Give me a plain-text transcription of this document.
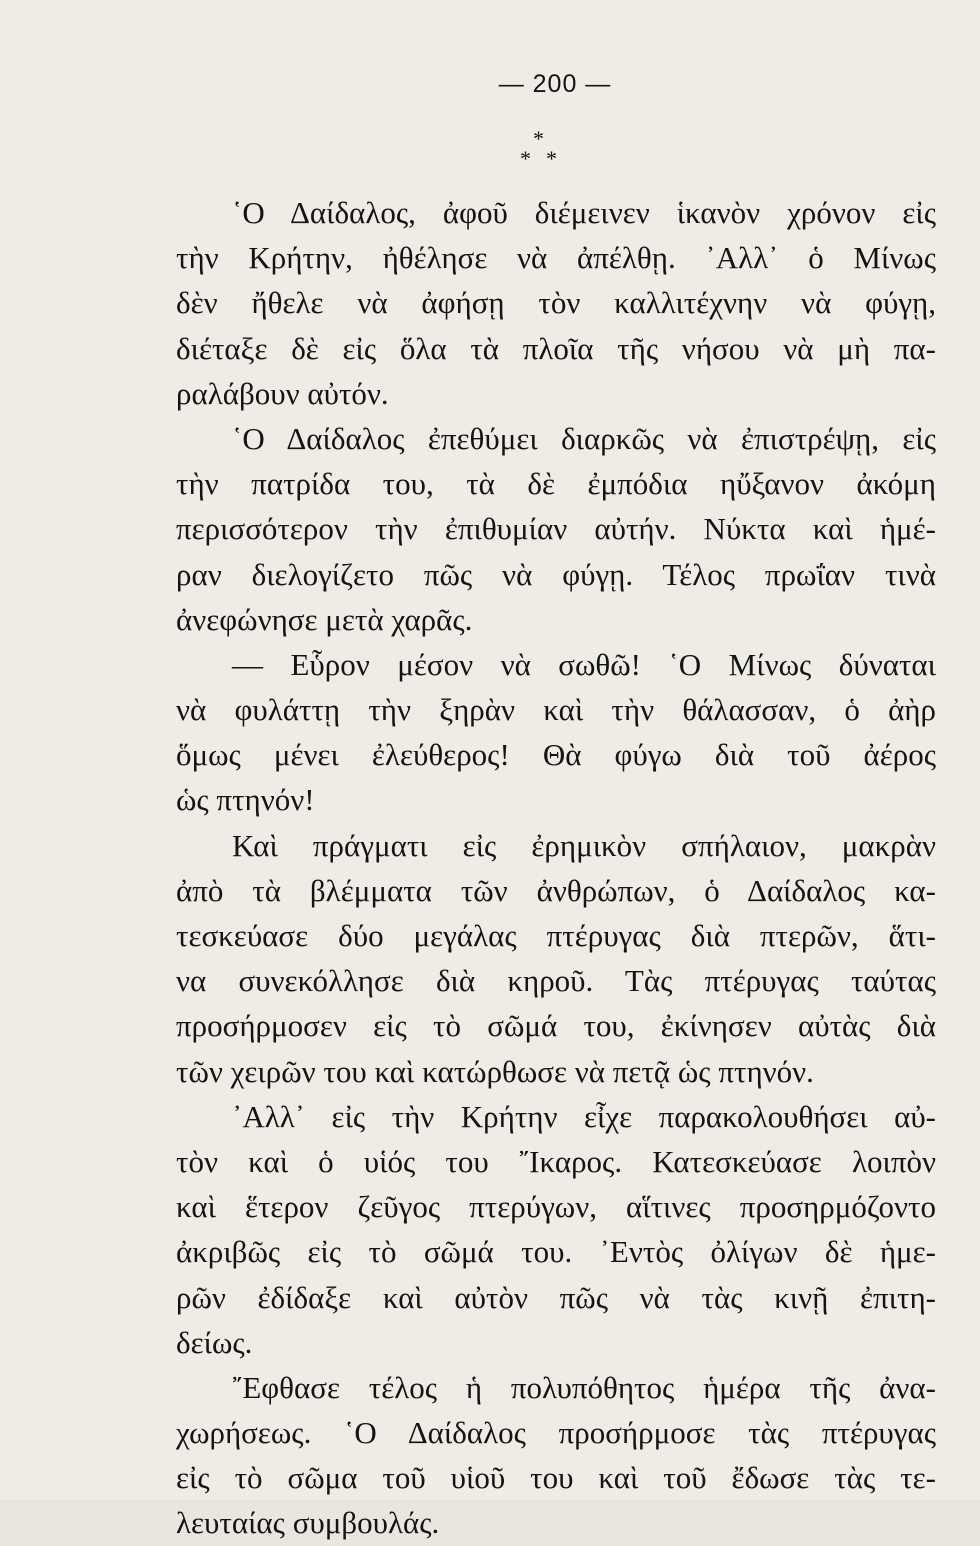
— 200 —
*
* *
῾Ο Δαίδαλος, ἀφοῦ διέμεινεν ἱκανὸν χρόνον εἰς
τὴν Κρήτην, ἠθέλησε νὰ ἀπέλθῃ. ᾿Αλλ᾿ ὁ Μίνως
δὲν ἤθελε νὰ ἀφήσῃ τὸν καλλιτέχνην νὰ φύγῃ,
διέταξε δὲ εἰς ὅλα τὰ πλοῖα τῆς νήσου νὰ μὴ πα-
ραλάβουν αὐτόν.
῾Ο Δαίδαλος ἐπεθύμει διαρκῶς νὰ ἐπιστρέψῃ, εἰς
τὴν πατρίδα του, τὰ δὲ ἐμπόδια ηὔξανον ἀκόμη
περισσότερον τὴν ἐπιθυμίαν αὐτήν. Νύκτα καὶ ἡμέ-
ραν διελογίζετο πῶς νὰ φύγῃ. Τέλος πρωΐαν τινὰ
ἀνεφώνησε μετὰ χαρᾶς.
— Εὗρον μέσον νὰ σωθῶ! ῾Ο Μίνως δύναται
νὰ φυλάττῃ τὴν ξηρὰν καὶ τὴν θάλασσαν, ὁ ἀὴρ
ὅμως μένει ἐλεύθερος! Θὰ φύγω διὰ τοῦ ἀέρος
ὡς πτηνόν!
Καὶ πράγματι εἰς ἐρημικὸν σπήλαιον, μακρὰν
ἀπὸ τὰ βλέμματα τῶν ἀνθρώπων, ὁ Δαίδαλος κα-
τεσκεύασε δύο μεγάλας πτέρυγας διὰ πτερῶν, ἅτι-
να συνεκόλλησε διὰ κηροῦ. Τὰς πτέρυγας ταύτας
προσήρμοσεν εἰς τὸ σῶμά του, ἐκίνησεν αὐτὰς διὰ
τῶν χειρῶν του καὶ κατώρθωσε νὰ πετᾷ ὡς πτηνόν.
᾿Αλλ᾿ εἰς τὴν Κρήτην εἶχε παρακολουθήσει αὐ-
τὸν καὶ ὁ υἱός του ῎Ικαρος. Κατεσκεύασε λοιπὸν
καὶ ἕτερον ζεῦγος πτερύγων, αἵτινες προσηρμόζοντο
ἀκριβῶς εἰς τὸ σῶμά του. ᾿Εντὸς ὀλίγων δὲ ἡμε-
ρῶν ἐδίδαξε καὶ αὐτὸν πῶς νὰ τὰς κινῇ ἐπιτη-
δείως.
῎Εφθασε τέλος ἡ πολυπόθητος ἡμέρα τῆς ἀνα-
χωρήσεως. ῾Ο Δαίδαλος προσήρμοσε τὰς πτέρυγας
εἰς τὸ σῶμα τοῦ υἱοῦ του καὶ τοῦ ἔδωσε τὰς τε-
λευταίας συμβουλάς.
